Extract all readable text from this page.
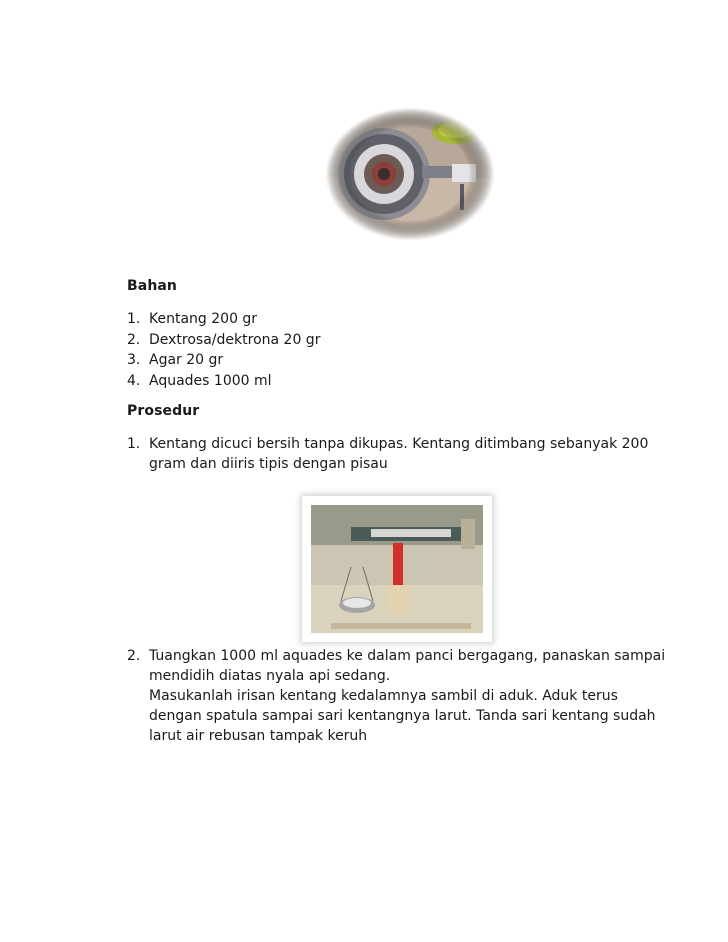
Bahan
1. Kentang 200 gr
2. Dextrosa/dektrona 20 gr
3. Agar 20 gr
4. Aquades 1000 ml
Prosedur
1. Kentang dicuci bersih tanpa dikupas. Kentang ditimbang sebanyak 200
gram dan diiris tipis dengan pisau
2. Tuangkan 1000 ml aquades ke dalam panci bergagang, panaskan sampai
mendidih diatas nyala api sedang.
Masukanlah irisan kentang kedalamnya sambil di aduk. Aduk terus
dengan spatula sampai sari kentangnya larut. Tanda sari kentang sudah
larut air rebusan tampak keruh
